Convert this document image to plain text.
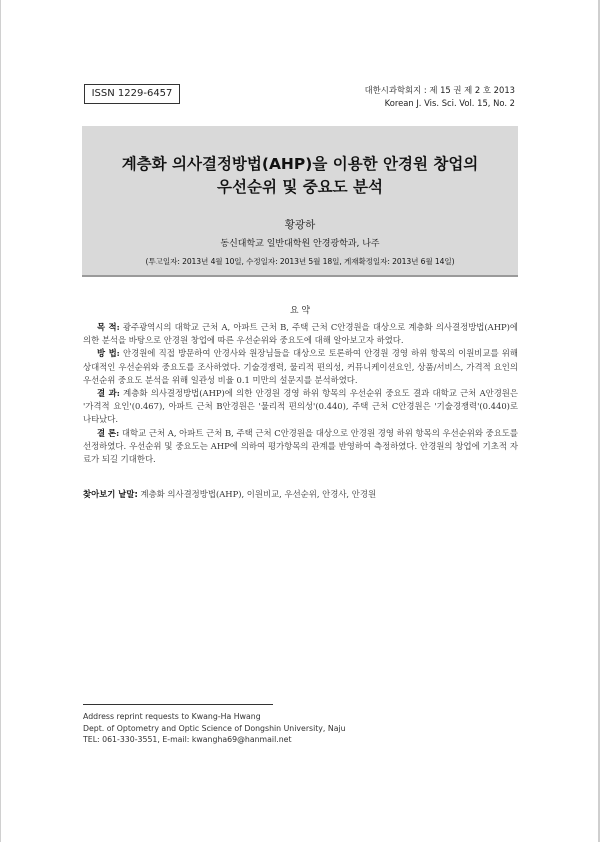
ISSN 1229-6457	대한시과학회지 : 제 15 권 제 2 호 2013
Korean J. Vis. Sci. Vol. 15, No. 2
계층화 의사결정방법(AHP)을 이용한 안경원 창업의
우선순위 및 중요도 분석
황광하
동신대학교 일반대학원 안경광학과, 나주
(투고일자: 2013년 4월 10일, 수정일자: 2013년 5월 18일, 게재확정일자: 2013년 6월 14일)
요 약

목 적: 광주광역시의 대학교 근처 A, 아파트 근처 B, 주택 근처 C안경원을 대상으로 계층화 의사결정방법(AHP)에 의한 분석을 바탕으로 안경원 창업에 따른 우선순위와 중요도에 대해 알아보고자 하였다.

방 법: 안경원에 직접 방문하여 안경사와 원장님들을 대상으로 토론하여 안경원 경영 하위 항목의 이원비교를 위해 상대적인 우선순위와 중요도를 조사하였다. 기술경쟁력, 물리적 편의성, 커뮤니케이션요인, 상품/서비스, 가격적 요인의 우선순위 중요도 분석을 위해 일관성 비율 0.1 미만의 설문지를 분석하였다.

결 과: 계층화 의사결정방법(AHP)에 의한 안경원 경영 하위 항목의 우선순위 중요도 결과 대학교 근처 A안경원은 '가격적 요인'(0.467), 아파트 근처 B안경원은 '물리적 편의성'(0.440), 주택 근처 C안경원은 '기술경쟁력'(0.440)로 나타났다.

결 론: 대학교 근처 A, 아파트 근처 B, 주택 근처 C안경원을 대상으로 안경원 경영 하위 항목의 우선순위와 중요도를 선정하였다. 우선순위 및 중요도는 AHP에 의하여 평가항목의 관계를 반영하여 측정하였다. 안경원의 창업에 기초적 자료가 되길 기대한다.

찾아보기 낱말: 계층화 의사결정방법(AHP), 이원비교, 우선순위, 안경사, 안경원
Address reprint requests to Kwang-Ha Hwang
Dept. of Optometry and Optic Science of Dongshin University, Naju
TEL: 061-330-3551, E-mail: kwangha69@hanmail.net
